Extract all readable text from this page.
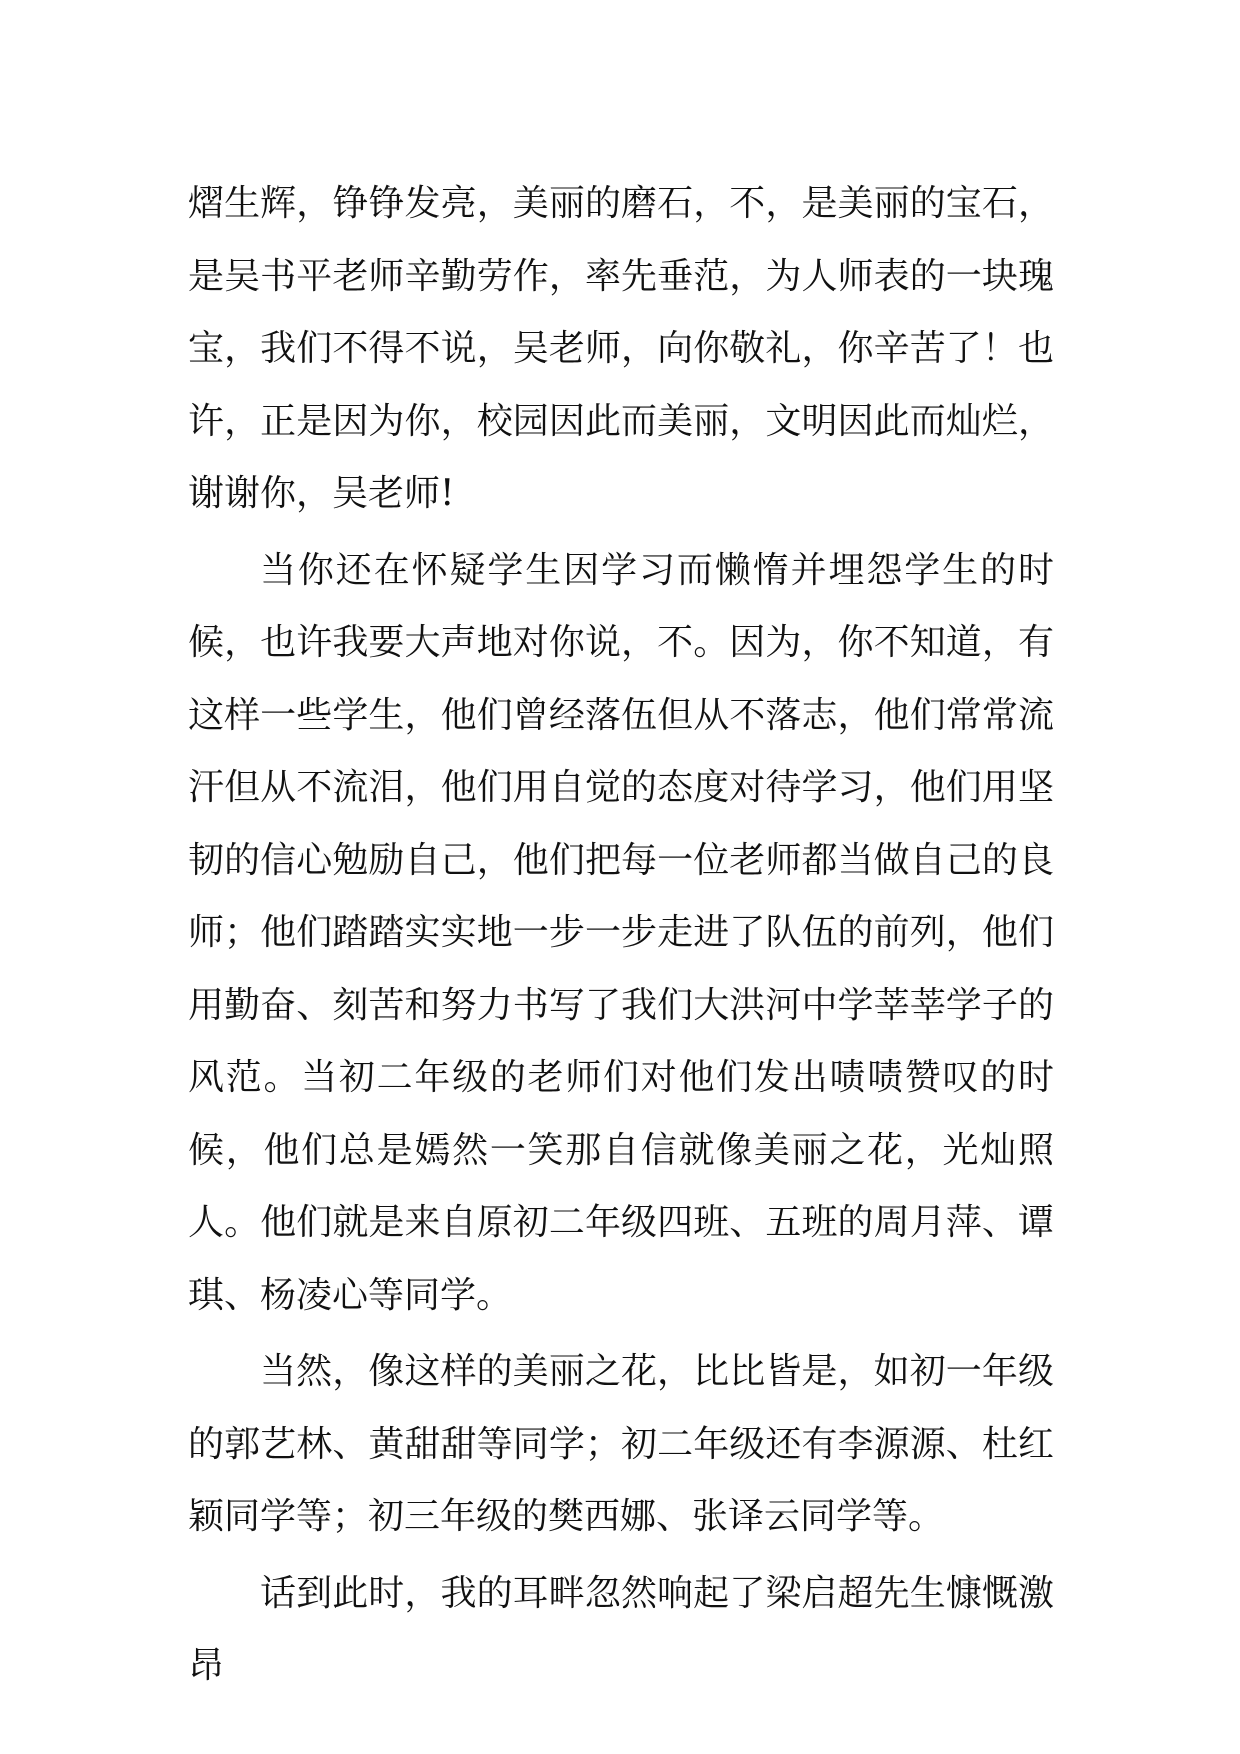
熠生辉，铮铮发亮，美丽的磨石，不，是美丽的宝石，是吴书平老师辛勤劳作，率先垂范，为人师表的一块瑰宝，我们不得不说，吴老师，向你敬礼，你辛苦了！也许，正是因为你，校园因此而美丽，文明因此而灿烂，谢谢你，吴老师!

当你还在怀疑学生因学习而懒惰并埋怨学生的时候，也许我要大声地对你说，不。因为，你不知道，有这样一些学生，他们曾经落伍但从不落志，他们常常流汗但从不流泪，他们用自觉的态度对待学习，他们用坚韧的信心勉励自己，他们把每一位老师都当做自己的良师；他们踏踏实实地一步一步走进了队伍的前列，他们用勤奋、刻苦和努力书写了我们大洪河中学莘莘学子的风范。当初二年级的老师们对他们发出啧啧赞叹的时候，他们总是嫣然一笑那自信就像美丽之花，光灿照人。他们就是来自原初二年级四班、五班的周月萍、谭琪、杨凌心等同学。

当然，像这样的美丽之花，比比皆是，如初一年级的郭艺林、黄甜甜等同学；初二年级还有李源源、杜红颖同学等；初三年级的樊西娜、张译云同学等。

话到此时，我的耳畔忽然响起了梁启超先生慷慨激昂
